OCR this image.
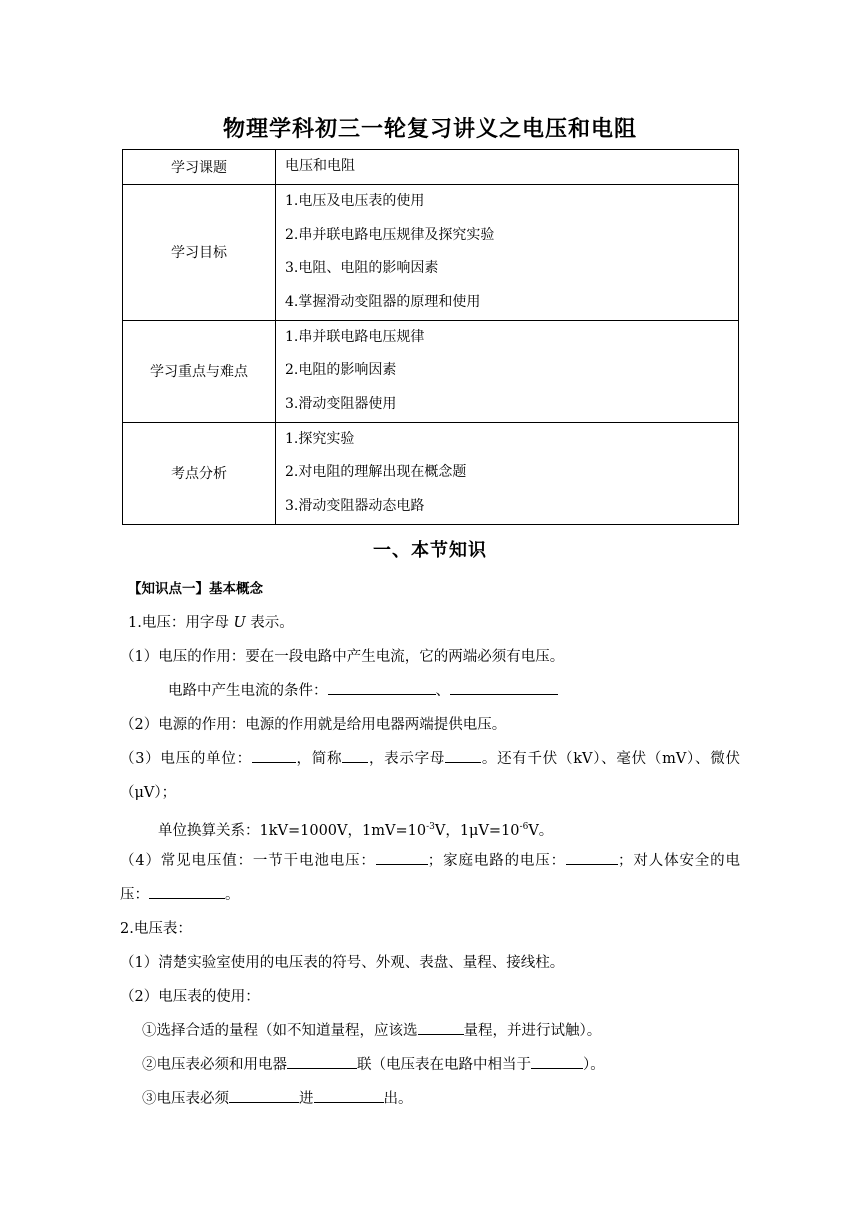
物理学科初三一轮复习讲义之电压和电阻
学习课题	电压和电阻

学习目标	1.电压及电压表的使用
2.串并联电路电压规律及探究实验
3.电阻、电阻的影响因素
4.掌握滑动变阻器的原理和使用

学习重点与难点	1.串并联电路电压规律
2.电阻的影响因素
3.滑动变阻器使用

考点分析	1.探究实验
2.对电阻的理解出现在概念题
3.滑动变阻器动态电路
一、本节知识
【知识点一】基本概念
1.电压：用字母 U 表示。
（1）电压的作用：要在一段电路中产生电流，它的两端必须有电压。
电路中产生电流的条件：	、
（2）电源的作用：电源的作用就是给用电器两端提供电压。
（3）电压的单位：	，简称 ，表示字母 。还有千伏（kV）、毫伏（mV）、微伏（μV）；
单位换算关系：1kV=1000V，$1mV=10^{-3}V$，$1\mu V=10^{-6}V$。
（4）常见电压值：一节干电池电压：	；家庭电路的电压：	；对人体安全的电压：	。
2.电压表：
（1）清楚实验室使用的电压表的符号、外观、表盘、量程、接线柱。
（2）电压表的使用：
①选择合适的量程（如不知道量程，应该选	量程，并进行试触）。
②电压表必须和用电器	联（电压表在电路中相当于	）。
③电压表必须	进	出。
